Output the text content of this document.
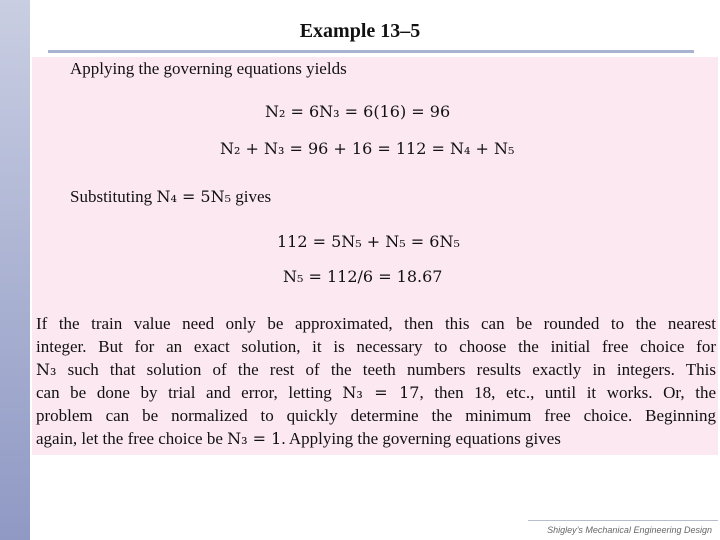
Example 13–5
Applying the governing equations yields
N₂ = 6N₃ = 6(16) = 96
N₂ + N₃ = 96 + 16 = 112 = N₄ + N₅
Substituting N₄ = 5N₅ gives
112 = 5N₅ + N₅ = 6N₅
N₅ = 112/6 = 18.67
If the train value need only be approximated, then this can be rounded to the nearest
integer. But for an exact solution, it is necessary to choose the initial free choice for
N₃ such that solution of the rest of the teeth numbers results exactly in integers. This
can be done by trial and error, letting N₃ = 17, then 18, etc., until it works. Or, the
problem can be normalized to quickly determine the minimum free choice. Beginning
again, let the free choice be N₃ = 1. Applying the governing equations gives
Shigley’s Mechanical Engineering Design
